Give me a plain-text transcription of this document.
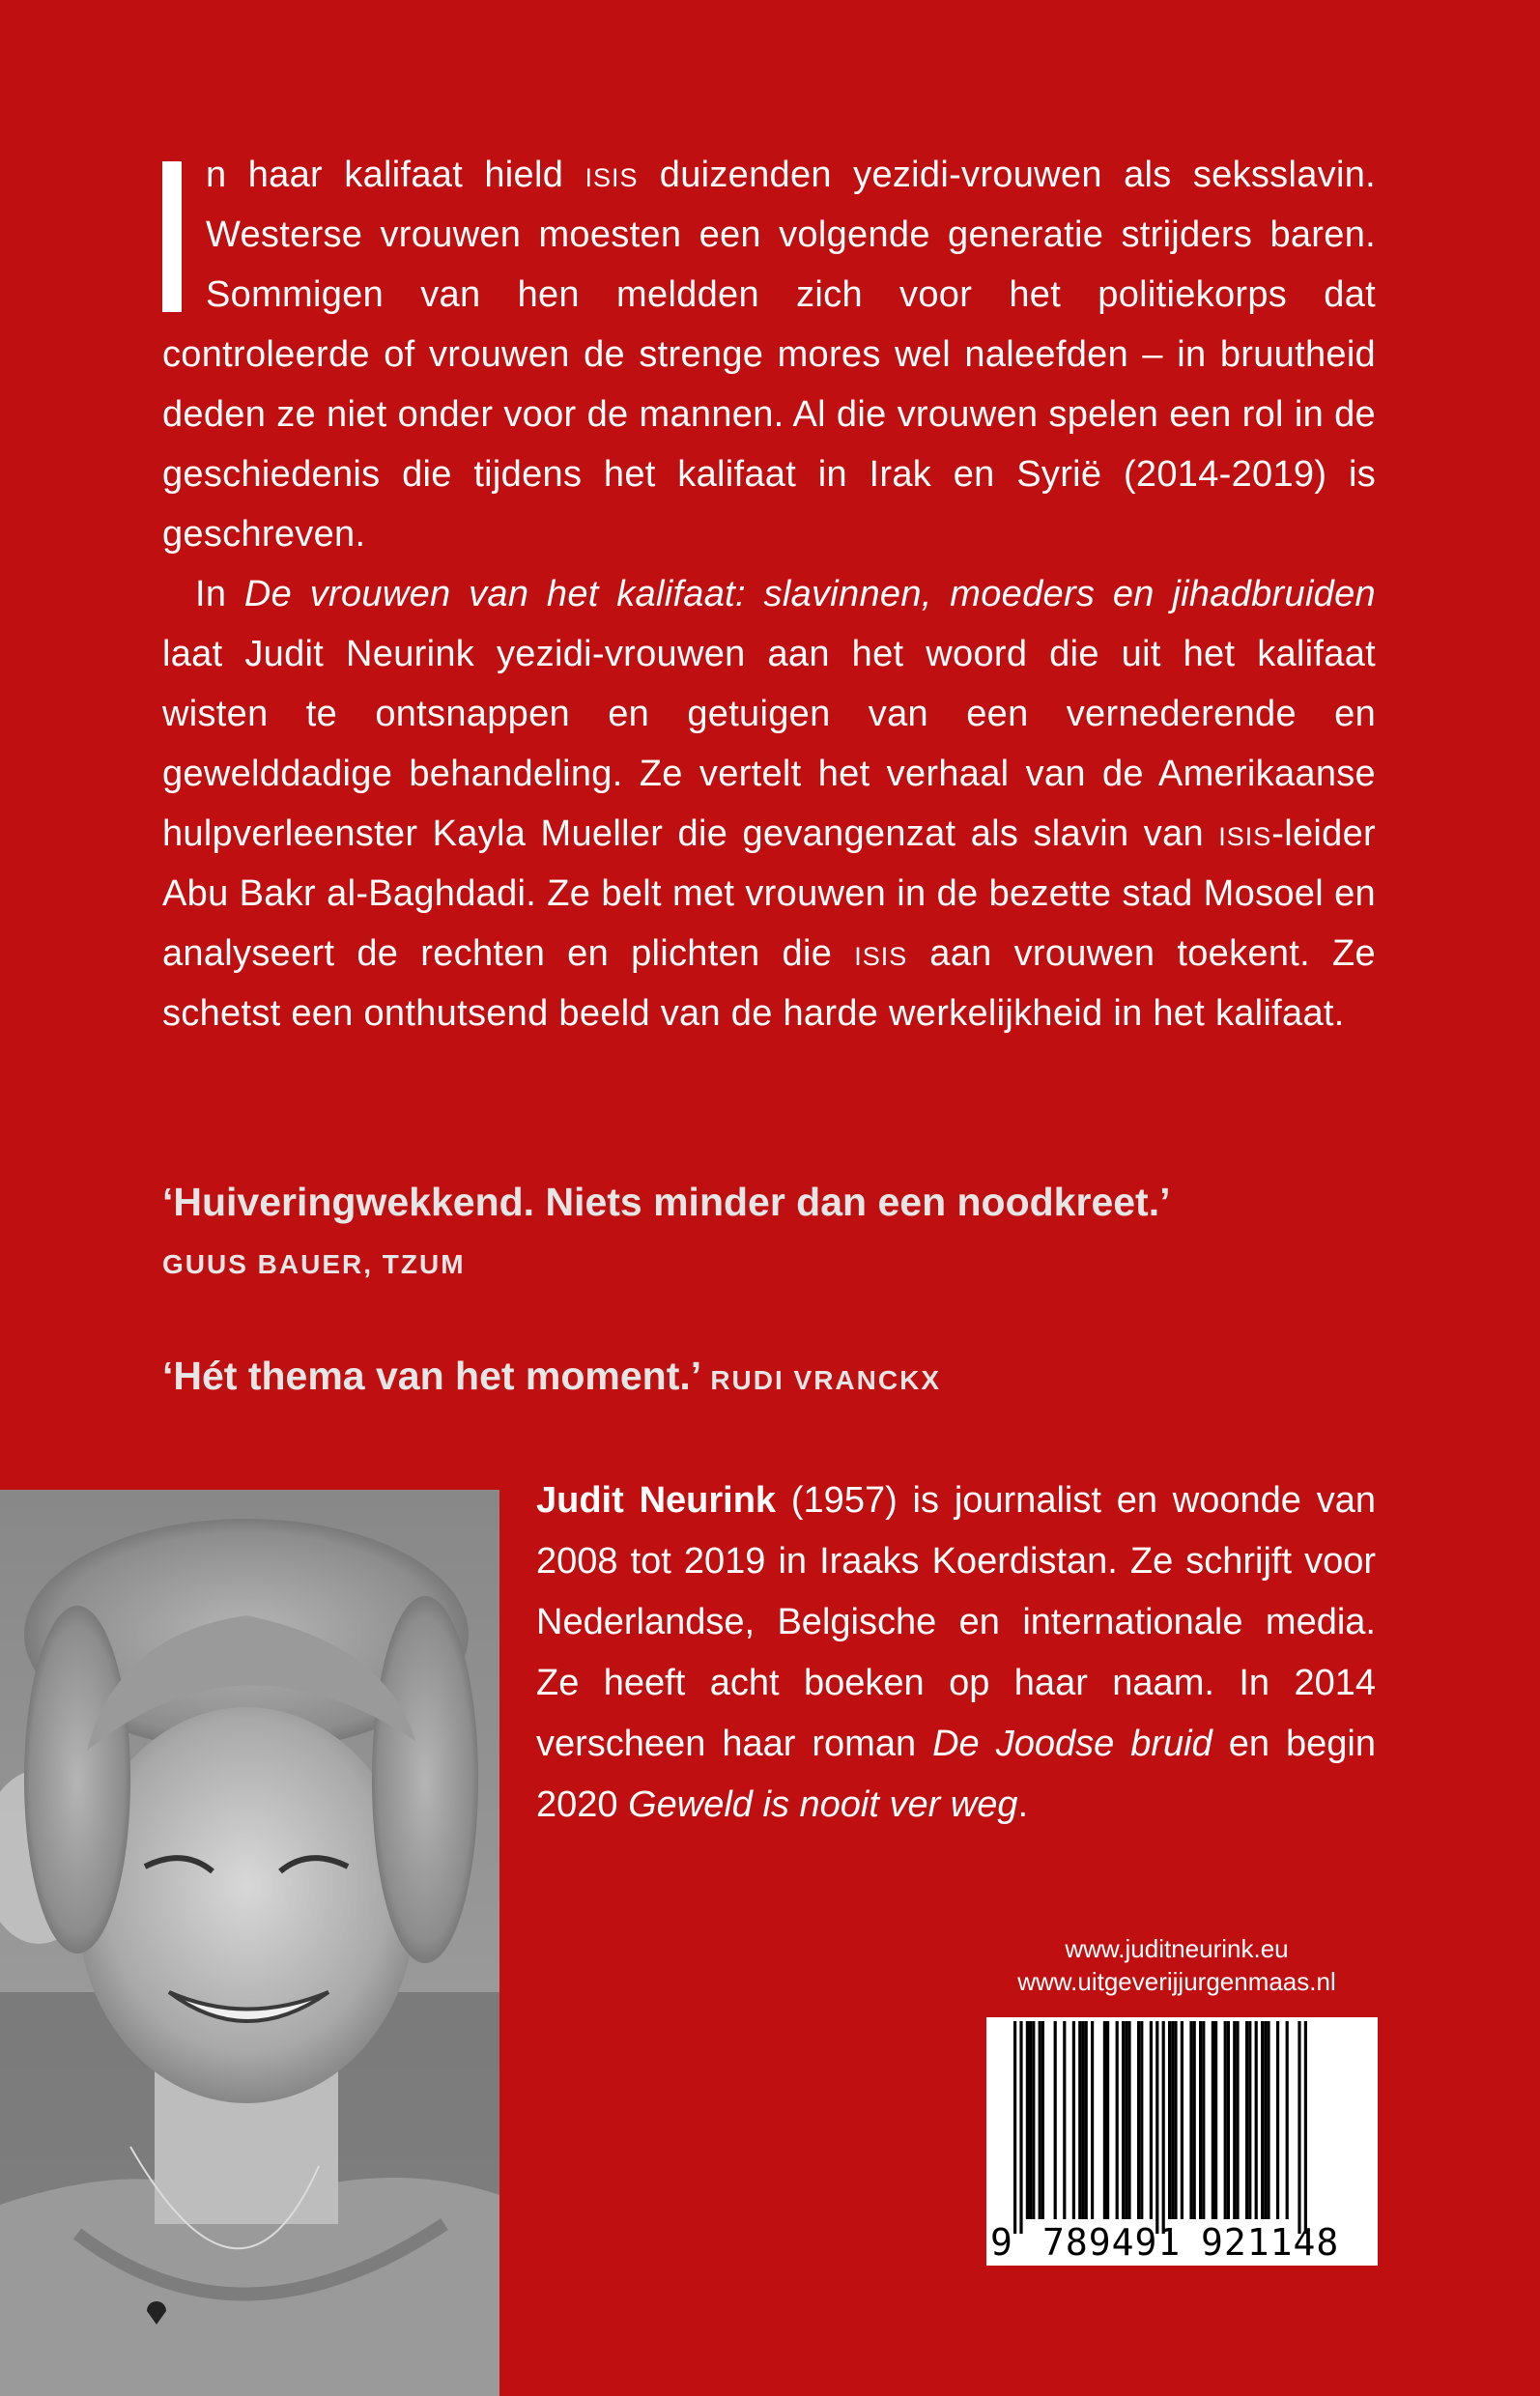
n haar kalifaat hield isis duizenden yezidi-vrouwen als seksslavin. Westerse vrouwen moesten een volgende generatie strijders baren. Sommigen van hen meldden zich voor het politiekorps dat controleerde of vrouwen de strenge mores wel naleefden – in bruutheid deden ze niet onder voor de mannen. Al die vrouwen spelen een rol in de geschiedenis die tijdens het kalifaat in Irak en Syrië (2014-2019) is geschreven.

In De vrouwen van het kalifaat: slavinnen, moeders en jihadbruiden laat Judit Neurink yezidi-vrouwen aan het woord die uit het kalifaat wisten te ontsnappen en getuigen van een vernederende en gewelddadige behandeling. Ze vertelt het verhaal van de Amerikaanse hulpverleenster Kayla Mueller die gevangenzat als slavin van isis-leider Abu Bakr al-Baghdadi. Ze belt met vrouwen in de bezette stad Mosoel en analyseert de rechten en plichten die isis aan vrouwen toekent. Ze schetst een onthutsend beeld van de harde werkelijkheid in het kalifaat.

‘Huiveringwekkend. Niets minder dan een noodkreet.’
GUUS BAUER, TZUM
‘Hét thema van het moment.’ RUDI VRANCKX

Judit Neurink (1957) is journalist en woonde van 2008 tot 2019 in Iraaks Koerdistan. Ze schrijft voor Nederlandse, Belgische en internationale media. Ze heeft acht boeken op haar naam. In 2014 verscheen haar roman De Joodse bruid en begin 2020 Geweld is nooit ver weg.

www.juditneurink.eu
www.uitgeverijjurgenmaas.nl
9 789491 921148
